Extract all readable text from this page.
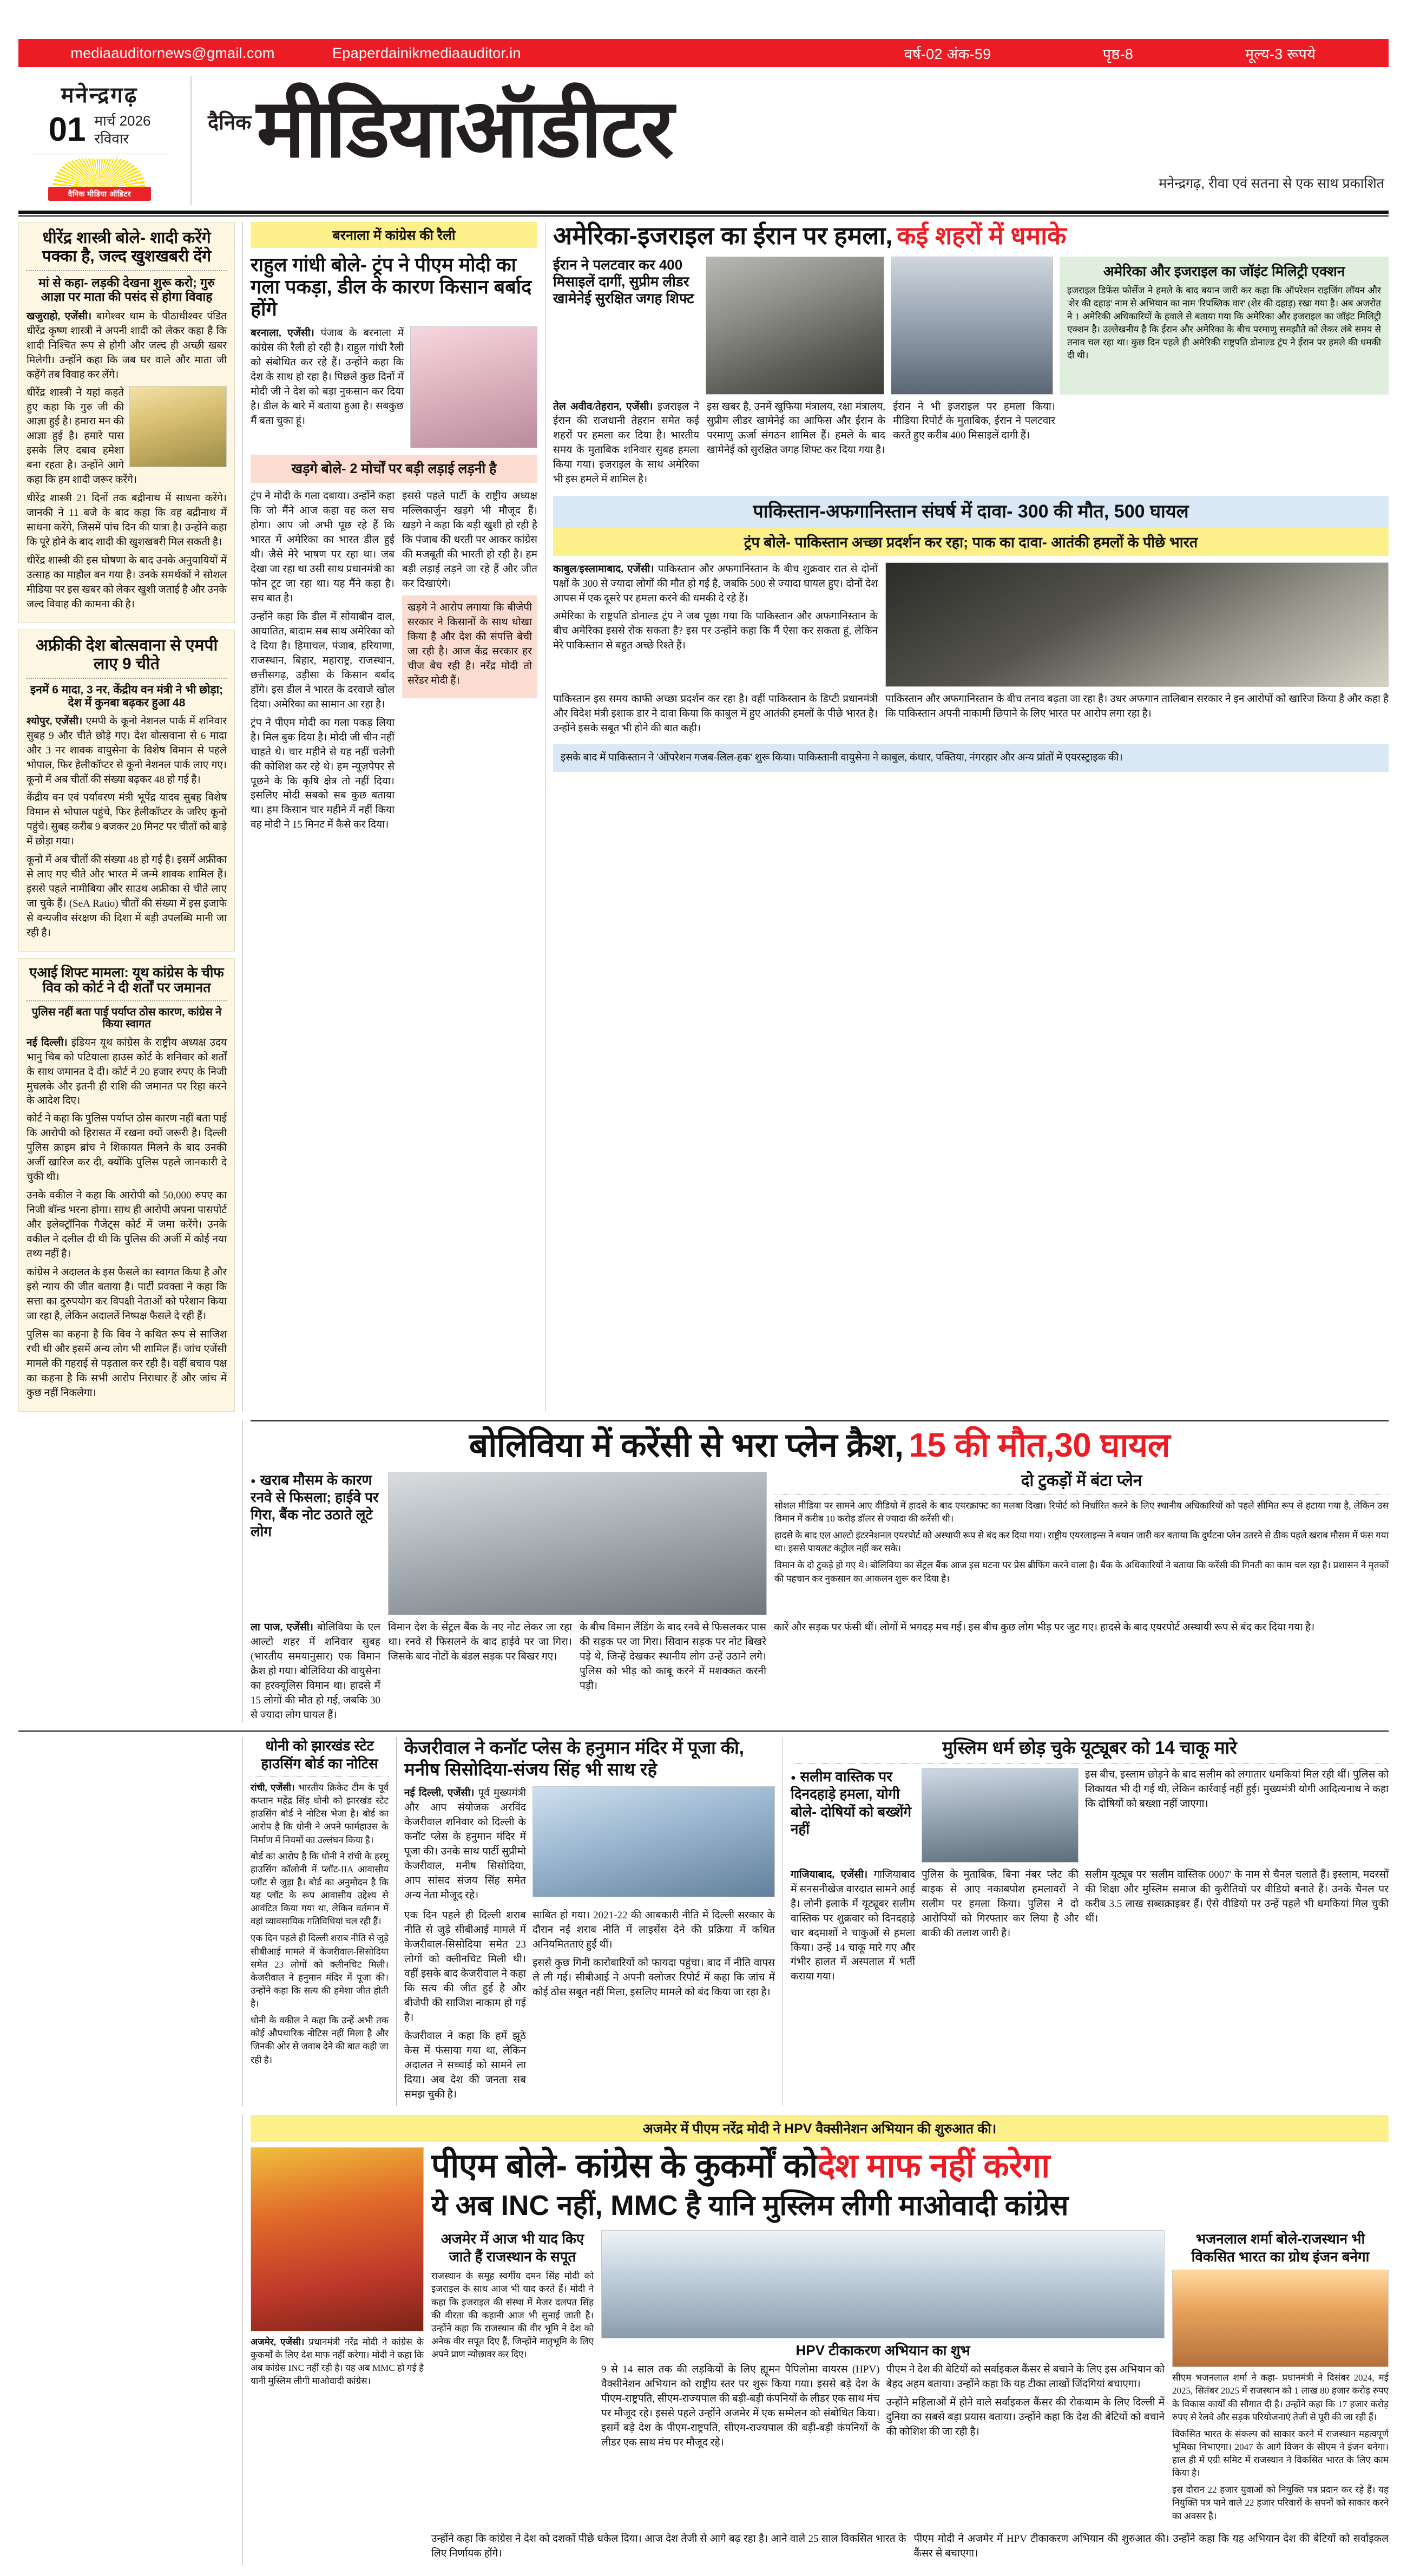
mediaauditornews@gmail.com	Epaperdainikmediaauditor.in	वर्ष-02 अंक-59	पृष्ठ-8	मूल्य-3 रूपये
मनेन्द्रगढ़
01 मार्च 2026
रविवार
दैनिक मीडिया ऑडिटर
दैनिक मीडियाऑडीटर
मनेन्द्रगढ़, रीवा एवं सतना से एक साथ प्रकाशित
धीरेंद्र शास्त्री बोले- शादी करेंगे पक्का है, जल्द खुशखबरी देंगे
मां से कहा- लड़की देखना शुरू करो; गुरु आज्ञा पर माता की पसंद से होगा विवाह
खजुराहो, एजेंसी। बागेश्वर धाम के पीठाधीश्वर पंडित धीरेंद्र कृष्ण शास्त्री ने अपनी शादी को लेकर कहा है कि शादी निश्चित रूप से होगी और जल्द ही अच्छी खबर मिलेगी। उन्होंने कहा कि जब घर वाले और माता जी कहेंगे तब विवाह कर लेंगे।

धीरेंद्र शास्त्री ने यहां कहते हुए कहा कि गुरु जी की आज्ञा हुई है। हमारा मन की आज्ञा हुई है। हमारे पास इसके लिए दबाव हमेशा बना रहता है। उन्होंने आगे कहा कि हम शादी जरूर करेंगे।

धीरेंद्र शास्त्री 21 दिनों तक बद्रीनाथ में साधना करेंगे। जानकी ने 11 बजे के बाद कहा कि वह बद्रीनाथ में साधना करेंगे, जिसमें पांच दिन की यात्रा है। उन्होंने कहा कि पूरे होने के बाद शादी की खुशखबरी मिल सकती है।

धीरेंद्र शास्त्री की इस घोषणा के बाद उनके अनुयायियों में उत्साह का माहौल बन गया है। उनके समर्थकों ने सोशल मीडिया पर इस खबर को लेकर खुशी जताई है और उनके जल्द विवाह की कामना की है।

अफ्रीकी देश बोत्सवाना से एमपी लाए 9 चीते
इनमें 6 मादा, 3 नर, केंद्रीय वन मंत्री ने भी छोड़ा; देश में कुनबा बढ़कर हुआ 48
श्योपुर, एजेंसी। एमपी के कूनो नेशनल पार्क में शनिवार सुबह 9 और चीते छोड़े गए। देश बोत्सवाना से 6 मादा और 3 नर शावक वायुसेना के विशेष विमान से पहले भोपाल, फिर हेलीकॉप्टर से कूनो नेशनल पार्क लाए गए। कूनो में अब चीतों की संख्या बढ़कर 48 हो गई है।

केंद्रीय वन एवं पर्यावरण मंत्री भूपेंद्र यादव सुबह विशेष विमान से भोपाल पहुंचे, फिर हेलीकॉप्टर के जरिए कूनो पहुंचे। सुबह करीब 9 बजकर 20 मिनट पर चीतों को बाड़े में छोड़ा गया।

कूनो में अब चीतों की संख्या 48 हो गई है। इसमें अफ्रीका से लाए गए चीते और भारत में जन्मे शावक शामिल हैं। इससे पहले नामीबिया और साउथ अफ्रीका से चीते लाए जा चुके हैं। (SeA Ratio) चीतों की संख्या में इस इजाफे से वन्यजीव संरक्षण की दिशा में बड़ी उपलब्धि मानी जा रही है।

एआई शिफ्ट मामला: यूथ कांग्रेस के चीफ विव को कोर्ट ने दी शर्तों पर जमानत
पुलिस नहीं बता पाई पर्याप्त ठोस कारण, कांग्रेस ने किया स्वागत
नई दिल्ली। इंडियन यूथ कांग्रेस के राष्ट्रीय अध्यक्ष उदय भानु चिब को पटियाला हाउस कोर्ट के शनिवार को शर्तों के साथ जमानत दे दी। कोर्ट ने 20 हजार रुपए के निजी मुचलके और इतनी ही राशि की जमानत पर रिहा करने के आदेश दिए।

कोर्ट ने कहा कि पुलिस पर्याप्त ठोस कारण नहीं बता पाई कि आरोपी को हिरासत में रखना क्यों जरूरी है। दिल्ली पुलिस क्राइम ब्रांच ने शिकायत मिलने के बाद उनकी अर्जी खारिज कर दी, क्योंकि पुलिस पहले जानकारी दे चुकी थी।

उनके वकील ने कहा कि आरोपी को 50,000 रुपए का निजी बॉन्ड भरना होगा। साथ ही आरोपी अपना पासपोर्ट और इलेक्ट्रॉनिक गैजेट्स कोर्ट में जमा करेंगे। उनके वकील ने दलील दी थी कि पुलिस की अर्जी में कोई नया तथ्य नहीं है।

कांग्रेस ने अदालत के इस फैसले का स्वागत किया है और इसे न्याय की जीत बताया है। पार्टी प्रवक्ता ने कहा कि सत्ता का दुरुपयोग कर विपक्षी नेताओं को परेशान किया जा रहा है, लेकिन अदालतें निष्पक्ष फैसले दे रही हैं।

पुलिस का कहना है कि विव ने कथित रूप से साजिश रची थी और इसमें अन्य लोग भी शामिल हैं। जांच एजेंसी मामले की गहराई से पड़ताल कर रही है। वहीं बचाव पक्ष का कहना है कि सभी आरोप निराधार हैं और जांच में कुछ नहीं निकलेगा।

बरनाला में कांग्रेस की रैली
राहुल गांधी बोले- ट्रंप ने पीएम मोदी का गला पकड़ा, डील के कारण किसान बर्बाद होंगे
बरनाला, एजेंसी। पंजाब के बरनाला में कांग्रेस की रैली हो रही है। राहुल गांधी रैली को संबोधित कर रहे हैं। उन्होंने कहा कि देश के साथ हो रहा है। पिछले कुछ दिनों में मोदी जी ने देश को बड़ा नुकसान कर दिया है। डील के बारे में बताया हुआ है। सबकुछ मैं बता चुका हूं।
खड़गे बोले- 2 मोर्चों पर बड़ी लड़ाई लड़नी है

ट्रंप ने मोदी के गला दबाया। उन्होंने कहा कि जो मैंने आज कहा वह कल सच होगा। आप जो अभी पूछ रहे हैं कि भारत में अमेरिका का भारत डील हुई थी। जैसे मेरे भाषण पर रहा था। जब देखा जा रहा था उसी साथ प्रधानमंत्री का फोन टूट जा रहा था। यह मैंने कहा है। सच बात है।

उन्होंने कहा कि डील में सोयाबीन दाल, आयातित, बादाम सब साथ अमेरिका को दे दिया है। हिमाचल, पंजाब, हरियाणा, राजस्थान, बिहार, महाराष्ट्र, राजस्थान, छत्तीसगढ़, उड़ीसा के किसान बर्बाद होंगे। इस डील ने भारत के दरवाजे खोल दिया। अमेरिका का सामान आ रहा है।

ट्रंप ने पीएम मोदी का गला पकड़ लिया है। मिल बुक दिया है। मोदी जी चीन नहीं चाहते थे। चार महीने से यह नहीं चलेगी की कोशिश कर रहे थे। हम न्यूज़पेपर से पूछने के कि कृषि क्षेत्र तो नहीं दिया। इसलिए मोदी सबको सब कुछ बताया था। हम किसान चार महीने में नहीं किया वह मोदी ने 15 मिनट में कैसे कर दिया।

इससे पहले पार्टी के राष्ट्रीय अध्यक्ष मल्लिकार्जुन खड़गे भी मौजूद हैं। खड़गे ने कहा कि बड़ी खुशी हो रही है कि पंजाब की धरती पर आकर कांग्रेस की मजबूती की भारती हो रही है। हम बड़ी लड़ाई लड़ने जा रहे हैं और जीत कर दिखाएंगे।

खड़गे ने आरोप लगाया कि बीजेपी सरकार ने किसानों के साथ धोखा किया है और देश की संपत्ति बेची जा रही है। आज केंद्र सरकार हर चीज बेच रही है। नरेंद्र मोदी तो सरेंडर मोदी हैं।

अमेरिका-इजराइल का ईरान पर हमला, कई शहरों में धमाके
ईरान ने पलटवार कर 400 मिसाइलें दागीं, सुप्रीम लीडर खामेनेई सुरक्षित जगह शिफ्ट
अमेरिका और इजराइल का जॉइंट मिलिट्री एक्शन
इजराइल डिफेंस फोर्सेज ने हमले के बाद बयान जारी कर कहा कि ऑपरेशन राइजिंग लॉयन और 'शेर की दहाड़' नाम से अभियान का नाम 'रिपब्लिक वार' (शेर की दहाड़) रखा गया है। अब अजरोत ने 1 अमेरिकी अधिकारियों के हवाले से बताया गया कि अमेरिका और इजराइल का जॉइंट मिलिट्री एक्शन है। उल्लेखनीय है कि ईरान और अमेरिका के बीच परमाणु समझौते को लेकर लंबे समय से तनाव चल रहा था। कुछ दिन पहले ही अमेरिकी राष्ट्रपति डोनाल्ड ट्रंप ने ईरान पर हमले की धमकी दी थी।
तेल अवीव/तेहरान, एजेंसी। इजराइल ने ईरान की राजधानी तेहरान समेत कई शहरों पर हमला कर दिया है। भारतीय समय के मुताबिक शनिवार सुबह हमला किया गया। इजराइल के साथ अमेरिका भी इस हमले में शामिल है।
इस खबर है, उनमें खुफिया मंत्रालय, रक्षा मंत्रालय, सुप्रीम लीडर खामेनेई का आफिस और ईरान के परमाणु ऊर्जा संगठन शामिल हैं। हमले के बाद खामेनेई को सुरक्षित जगह शिफ्ट कर दिया गया है।
ईरान ने भी इजराइल पर हमला किया। मीडिया रिपोर्ट के मुताबिक, ईरान ने पलटवार करते हुए करीब 400 मिसाइलें दागी हैं।
पाकिस्तान-अफगानिस्तान संघर्ष में दावा- 300 की मौत, 500 घायल
ट्रंप बोले- पाकिस्तान अच्छा प्रदर्शन कर रहा; पाक का दावा- आतंकी हमलों के पीछे भारत
काबुल/इस्लामाबाद, एजेंसी। पाकिस्तान और अफगानिस्तान के बीच शुक्रवार रात से दोनों पक्षों के 300 से ज्यादा लोगों की मौत हो गई है, जबकि 500 से ज्यादा घायल हुए। दोनों देश आपस में एक दूसरे पर हमला करने की धमकी दे रहे हैं।

अमेरिका के राष्ट्रपति डोनाल्ड ट्रंप ने जब पूछा गया कि पाकिस्तान और अफगानिस्तान के बीच अमेरिका इससे रोक सकता है? इस पर उन्होंने कहा कि मैं ऐसा कर सकता हूं, लेकिन मेरे पाकिस्तान से बहुत अच्छे रिश्ते हैं।

पाकिस्तान इस समय काफी अच्छा प्रदर्शन कर रहा है। वहीं पाकिस्तान के डिप्टी प्रधानमंत्री और विदेश मंत्री इशाक डार ने दावा किया कि काबुल में हुए आतंकी हमलों के पीछे भारत है। उन्होंने इसके सबूत भी होने की बात कही।

पाकिस्तान और अफगानिस्तान के बीच तनाव बढ़ता जा रहा है। उधर अफगान तालिबान सरकार ने इन आरोपों को खारिज किया है और कहा है कि पाकिस्तान अपनी नाकामी छिपाने के लिए भारत पर आरोप लगा रहा है।

इसके बाद में पाकिस्तान ने 'ऑपरेशन गजब-लिल-हक' शुरू किया। पाकिस्तानी वायुसेना ने काबुल, कंधार, पक्तिया, नंगरहार और अन्य प्रांतों में एयरस्ट्राइक की।
बोलिविया में करेंसी से भरा प्लेन क्रैश, 15 की मौत,30 घायल
● खराब मौसम के कारण रनवे से फिसला; हाईवे पर गिरा, बैंक नोट उठाते लूटे लोग
दो टुकड़ों में बंटा प्लेन

सोशल मीडिया पर सामने आए वीडियो में हादसे के बाद एयरक्राफ्ट का मलबा दिखा। रिपोर्ट को निर्धारित करने के लिए स्थानीय अधिकारियों को पहले सीमित रूप से हटाया गया है, लेकिन उस विमान में करीब 10 करोड़ डॉलर से ज्यादा की करेंसी थी।

हादसे के बाद एल आल्टो इंटरनेशनल एयरपोर्ट को अस्थायी रूप से बंद कर दिया गया। राष्ट्रीय एयरलाइन्स ने बयान जारी कर बताया कि दुर्घटना प्लेन उतरने से ठीक पहले खराब मौसम में फंस गया था। इससे पायलट कंट्रोल नहीं कर सके।

विमान के दो टुकड़े हो गए थे। बोलिविया का सेंट्रल बैंक आज इस घटना पर प्रेस ब्रीफिंग करने वाला है। बैंक के अधिकारियों ने बताया कि करेंसी की गिनती का काम चल रहा है। प्रशासन ने मृतकों की पहचान कर नुकसान का आकलन शुरू कर दिया है।

ला पाज, एजेंसी। बोलिविया के एल आल्टो शहर में शनिवार सुबह (भारतीय समयानुसार) एक विमान क्रैश हो गया। बोलिविया की वायुसेना का हरक्यूलिस विमान था। हादसे में 15 लोगों की मौत हो गई, जबकि 30 से ज्यादा लोग घायल हैं।
विमान देश के सेंट्रल बैंक के नए नोट लेकर जा रहा था। रनवे से फिसलने के बाद हाईवे पर जा गिरा। जिसके बाद नोटों के बंडल सड़क पर बिखर गए।
के बीच विमान लैंडिंग के बाद रनवे से फिसलकर पास की सड़क पर जा गिरा। सिवान सड़क पर नोट बिखरे पड़े थे, जिन्हें देखकर स्थानीय लोग उन्हें उठाने लगे। पुलिस को भीड़ को काबू करने में मशक्कत करनी पड़ी।
कारें और सड़क पर फंसी थीं। लोगों में भगदड़ मच गई। इस बीच कुछ लोग भीड़ पर जुट गए। हादसे के बाद एयरपोर्ट अस्थायी रूप से बंद कर दिया गया है।
धोनी को झारखंड स्टेट हाउसिंग बोर्ड का नोटिस
रांची, एजेंसी। भारतीय क्रिकेट टीम के पूर्व कप्तान महेंद्र सिंह धोनी को झारखंड स्टेट हाउसिंग बोर्ड ने नोटिस भेजा है। बोर्ड का आरोप है कि धोनी ने अपने फार्महाउस के निर्माण में नियमों का उल्लंघन किया है।

बोर्ड का आरोप है कि धोनी ने रांची के हरमू हाउसिंग कॉलोनी में प्लॉट-IIA आवासीय प्लॉट से जुड़ा है। बोर्ड का अनुमोदन है कि यह प्लॉट के रूप आवासीय उद्देश्य से आवंटित किया गया था, लेकिन वर्तमान में वहां व्यावसायिक गतिविधियां चल रही हैं।

एक दिन पहले ही दिल्ली शराब नीति से जुड़े सीबीआई मामले में केजरीवाल-सिसोदिया समेत 23 लोगों को क्लीनचिट मिली। केजरीवाल ने हनुमान मंदिर में पूजा की। उन्होंने कहा कि सत्य की हमेशा जीत होती है।

धोनी के वकील ने कहा कि उन्हें अभी तक कोई औपचारिक नोटिस नहीं मिला है और जिनकी ओर से जवाब देने की बात कही जा रही है।

केजरीवाल ने कनॉट प्लेस के हनुमान मंदिर में पूजा की, मनीष सिसोदिया-संजय सिंह भी साथ रहे
नई दिल्ली, एजेंसी। पूर्व मुख्यमंत्री और आप संयोजक अरविंद केजरीवाल शनिवार को दिल्ली के कनॉट प्लेस के हनुमान मंदिर में पूजा की। उनके साथ पार्टी सुप्रीमो केजरीवाल, मनीष सिसोदिया, आप सांसद संजय सिंह समेत अन्य नेता मौजूद रहे।

एक दिन पहले ही दिल्ली शराब नीति से जुड़े सीबीआई मामले में केजरीवाल-सिसोदिया समेत 23 लोगों को क्लीनचिट मिली थी। वहीं इसके बाद केजरीवाल ने कहा कि सत्य की जीत हुई है और बीजेपी की साजिश नाकाम हो गई है।

केजरीवाल ने कहा कि हमें झूठे केस में फंसाया गया था, लेकिन अदालत ने सच्चाई को सामने ला दिया। अब देश की जनता सब समझ चुकी है।

साबित हो गया। 2021-22 की आबकारी नीति में दिल्ली सरकार के दौरान नई शराब नीति में लाइसेंस देने की प्रक्रिया में कथित अनियमितताएं हुईं थीं।

इससे कुछ गिनी कारोबारियों को फायदा पहुंचा। बाद में नीति वापस ले ली गई। सीबीआई ने अपनी क्लोजर रिपोर्ट में कहा कि जांच में कोई ठोस सबूत नहीं मिला, इसलिए मामले को बंद किया जा रहा है।

मुस्लिम धर्म छोड़ चुके यूट्यूबर को 14 चाकू मारे
● सलीम वास्तिक पर दिनदहाड़े हमला, योगी बोले- दोषियों को बख्शेंगे नहीं

इस बीच, इस्लाम छोड़ने के बाद सलीम को लगातार धमकियां मिल रही थीं। पुलिस को शिकायत भी दी गई थी, लेकिन कार्रवाई नहीं हुई। मुख्यमंत्री योगी आदित्यनाथ ने कहा कि दोषियों को बख्शा नहीं जाएगा।

गाजियाबाद, एजेंसी। गाजियाबाद में सनसनीखेज वारदात सामने आई है। लोनी इलाके में यूट्यूबर सलीम वास्तिक पर शुक्रवार को दिनदहाड़े चार बदमाशों ने चाकुओं से हमला किया। उन्हें 14 चाकू मारे गए और गंभीर हालत में अस्पताल में भर्ती कराया गया।

पुलिस के मुताबिक, बिना नंबर प्लेट की बाइक से आए नकाबपोश हमलावरों ने सलीम पर हमला किया। पुलिस ने दो आरोपियों को गिरफ्तार कर लिया है और बाकी की तलाश जारी है।

सलीम यूट्यूब पर 'सलीम वास्तिक 0007' के नाम से चैनल चलाते हैं। इस्लाम, मदरसों की शिक्षा और मुस्लिम समाज की कुरीतियों पर वीडियो बनाते हैं। उनके चैनल पर करीब 3.5 लाख सब्सक्राइबर हैं। ऐसे वीडियो पर उन्हें पहले भी धमकियां मिल चुकी थीं।

अजमेर में पीएम नरेंद्र मोदी ने HPV वैक्सीनेशन अभियान की शुरुआत की।
अजमेर, एजेंसी। प्रधानमंत्री नरेंद्र मोदी ने कांग्रेस के कुकर्मों के लिए देश माफ नहीं करेगा। मोदी ने कहा कि अब कांग्रेस INC नहीं रही है। यह अब MMC हो गई है यानी मुस्लिम लीगी माओवादी कांग्रेस।
पीएम बोले- कांग्रेस के कुकर्मों को देश माफ नहीं करेगा
ये अब INC नहीं, MMC है यानि मुस्लिम लीगी माओवादी कांग्रेस
अजमेर में आज भी याद किए जाते हैं राजस्थान के सपूत
राजस्थान के समूह स्वर्गीय दमन सिंह मोदी को इजराइल के साथ आज भी याद करते हैं। मोदी ने कहा कि इजराइल की संस्था में मेजर दलपत सिंह की वीरता की कहानी आज भी सुनाई जाती है। उन्होंने कहा कि राजस्थान की वीर भूमि ने देश को अनेक वीर सपूत दिए हैं, जिन्होंने मातृभूमि के लिए अपने प्राण न्योछावर कर दिए।	HPV टीकाकरण अभियान का शुभ

9 से 14 साल तक की लड़कियों के लिए ह्यूमन पैपिलोमा वायरस (HPV) वैक्सीनेशन अभियान को राष्ट्रीय स्तर पर शुरू किया गया। इससे बड़े देश के पीएम-राष्ट्रपति, सीएम-राज्यपाल की बड़ी-बड़ी कंपनियों के लीडर एक साथ मंच पर मौजूद रहे। इससे पहले उन्होंने अजमेर में एक सम्मेलन को संबोधित किया। इसमें बड़े देश के पीएम-राष्ट्रपति, सीएम-राज्यपाल की बड़ी-बड़ी कंपनियों के लीडर एक साथ मंच पर मौजूद रहे।

पीएम ने देश की बेटियों को सर्वाइकल कैंसर से बचाने के लिए इस अभियान को बेहद अहम बताया। उन्होंने कहा कि यह टीका लाखों जिंदगियां बचाएगा।

उन्होंने महिलाओं में होने वाले सर्वाइकल कैंसर की रोकथाम के लिए दिल्ली में दुनिया का सबसे बड़ा प्रयास बताया। उन्होंने कहा कि देश की बेटियों को बचाने की कोशिश की जा रही है।

भजनलाल शर्मा बोले-राजस्थान भी विकसित भारत का ग्रोथ इंजन बनेगा

सीएम भजनलाल शर्मा ने कहा- प्रधानमंत्री ने दिसंबर 2024, मई 2025, सितंबर 2025 में राजस्थान को 1 लाख 80 हजार करोड़ रुपए के विकास कार्यों की सौगात दी है। उन्होंने कहा कि 17 हजार करोड़ रुपए से रेलवे और सड़क परियोजनाएं तेजी से पूरी की जा रही हैं।

विकसित भारत के संकल्प को साकार करने में राजस्थान महत्वपूर्ण भूमिका निभाएगा। 2047 के आगे विजन के सीएम ने इंजन बनेगा। हाल ही में एग्री समिट में राजस्थान ने विकसित भारत के लिए काम किया है।

इस दौरान 22 हजार युवाओं को नियुक्ति पत्र प्रदान कर रहे हैं। यह नियुक्ति पत्र पाने वाले 22 हजार परिवारों के सपनों को साकार करने का अवसर है।

उन्होंने कहा कि कांग्रेस ने देश को दशकों पीछे धकेल दिया। आज देश तेजी से आगे बढ़ रहा है। आने वाले 25 साल विकसित भारत के लिए निर्णायक होंगे।

पीएम मोदी ने अजमेर में HPV टीकाकरण अभियान की शुरुआत की। उन्होंने कहा कि यह अभियान देश की बेटियों को सर्वाइकल कैंसर से बचाएगा।
